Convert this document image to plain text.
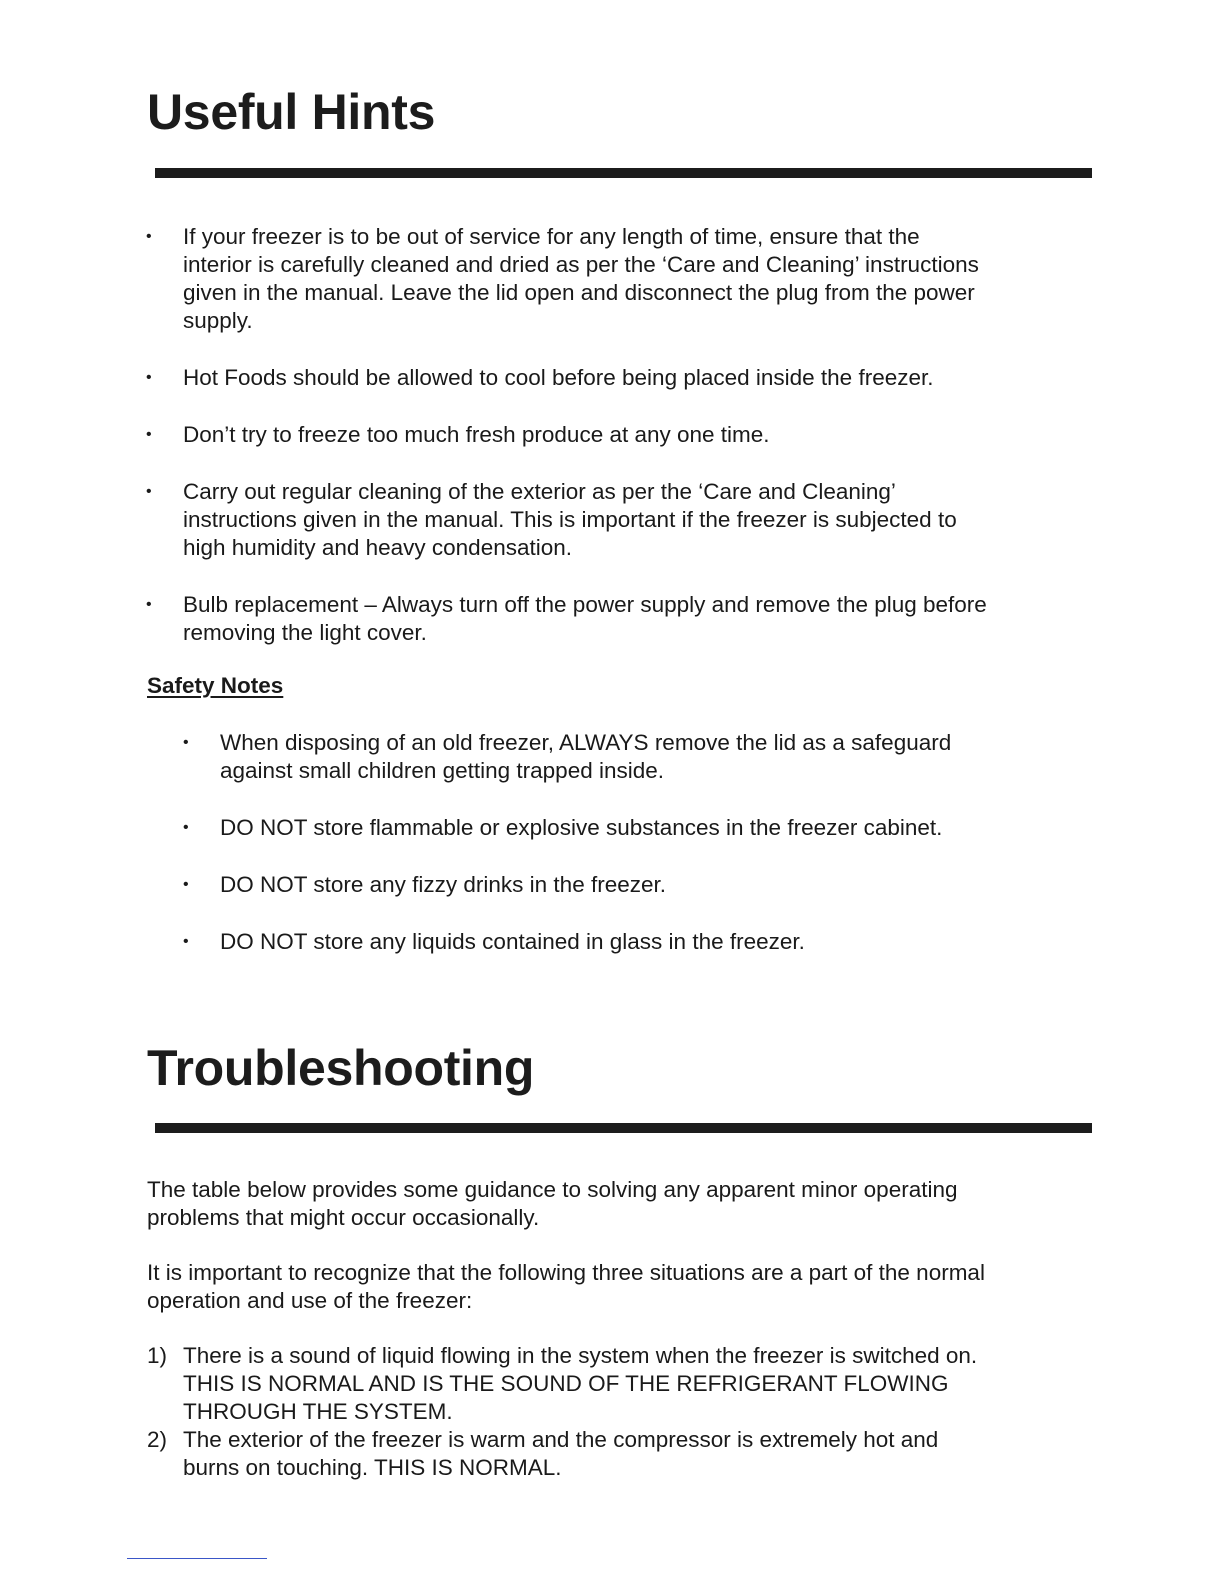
Useful Hints
• If your freezer is to be out of service for any length of time, ensure that the
interior is carefully cleaned and dried as per the ‘Care and Cleaning’ instructions
given in the manual. Leave the lid open and disconnect the plug from the power
supply.
• Hot Foods should be allowed to cool before being placed inside the freezer.
• Don’t try to freeze too much fresh produce at any one time.
• Carry out regular cleaning of the exterior as per the ‘Care and Cleaning’
instructions given in the manual. This is important if the freezer is subjected to
high humidity and heavy condensation.
• Bulb replacement – Always turn off the power supply and remove the plug before
removing the light cover.
Safety Notes
• When disposing of an old freezer, ALWAYS remove the lid as a safeguard
against small children getting trapped inside.
• DO NOT store flammable or explosive substances in the freezer cabinet.
• DO NOT store any fizzy drinks in the freezer.
• DO NOT store any liquids contained in glass in the freezer.
Troubleshooting

The table below provides some guidance to solving any apparent minor operating
problems that might occur occasionally.

It is important to recognize that the following three situations are a part of the normal
operation and use of the freezer:

1) There is a sound of liquid flowing in the system when the freezer is switched on.
THIS IS NORMAL AND IS THE SOUND OF THE REFRIGERANT FLOWING
THROUGH THE SYSTEM.
2) The exterior of the freezer is warm and the compressor is extremely hot and
burns on touching. THIS IS NORMAL.
